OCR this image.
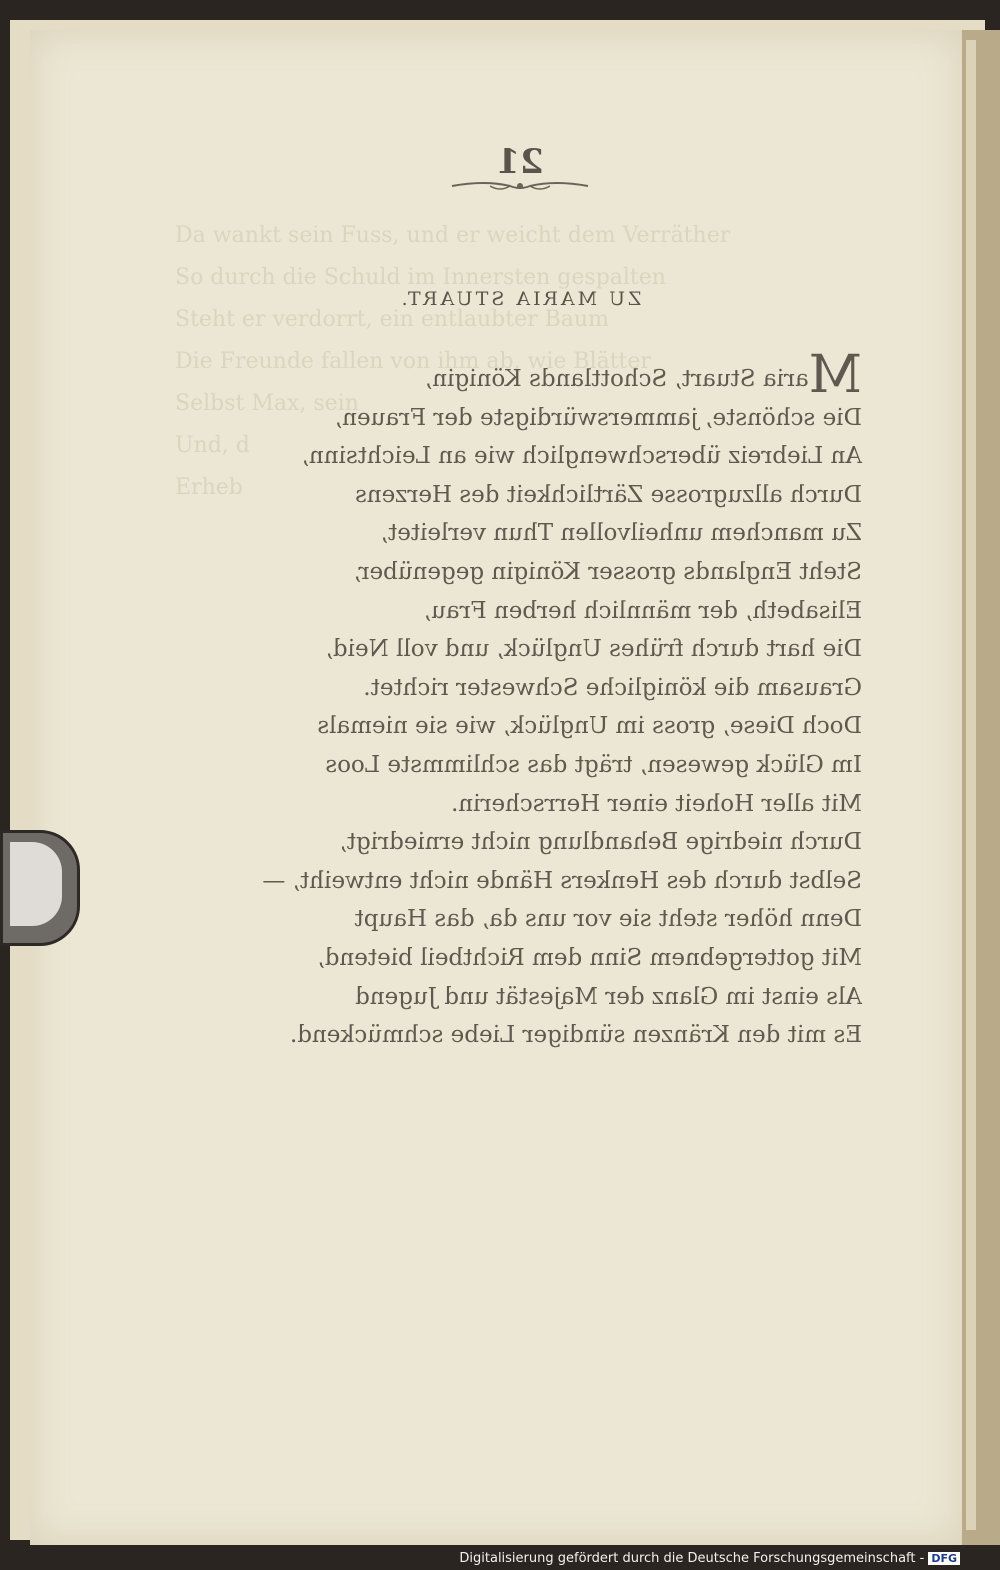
Da wankt sein Fuss, und er weicht dem Verräther
So durch die Schuld im Innersten gespalten
Steht er verdorrt, ein entlaubter Baum
Die Freunde fallen von ihm ab, wie Blätter
Selbst Max, sein
Und, d
Erheb
21
ZU MARIA STUART.
Maria Stuart, Schottlands Königin,
Die schönste, jammerswürdigste der Frauen,
An Liebreiz überschwenglich wie an Leichtsinn,
Durch allzugrosse Zärtlichkeit des Herzens
Zu manchem unheilvollen Thun verleitet,
Steht Englands grosser Königin gegenüber,
Elisabeth, der männlich herben Frau,
Die hart durch frühes Unglück, und voll Neid,
Grausam die königliche Schwester richtet.
Doch Diese, gross im Unglück, wie sie niemals
Im Glück gewesen, trägt das schlimmste Loos
Mit aller Hoheit einer Herrscherin.
Durch niedrige Behandlung nicht erniedrigt,
Selbst durch des Henkers Hände nicht entweiht, —
Denn höher steht sie vor uns da, das Haupt
Mit gottergebnem Sinn dem Richtbeil bietend,
Als einst im Glanz der Majestät und Jugend
Es mit den Kränzen sündiger Liebe schmückend.
Digitalisierung gefördert durch die Deutsche Forschungsgemeinschaft - DFG
